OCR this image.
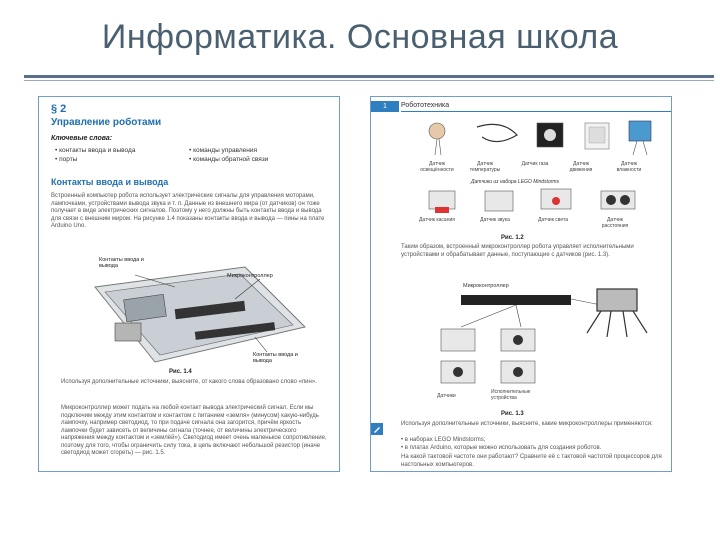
Информатика. Основная школа
§ 2
Управление роботами
Ключевые слова:
• контакты ввода и вывода
• порты
• команды управления
• команды обратной связи
Контакты ввода и вывода
Встроенный компьютер робота использует электрические сигналы для управления моторами, лампочками, устройствами вывода звука и т. п. Данные из внешнего мира (от датчиков) он тоже получает в виде электрических сигналов. Поэтому у него должны быть контакты ввода и вывода для связи с внешним миром. На рисунке 1.4 показаны контакты ввода и вывода — пины на плате Arduino Uno.
Контакты ввода и вывода
Микроконтроллер
Контакты ввода и вывода
Рис. 1.4
Используя дополнительные источники, выясните, от какого слова образовано слово «пин».
Микроконтроллер может подать на любой контакт вывода электрический сигнал. Если мы подключим между этим контактом и контактом с питанием «земля» (минусом) какую-нибудь лампочку, например светодиод, то при подаче сигнала она загорится, причём яркость лампочки будет зависеть от величины сигнала (точнее, от величины электрического напряжения между контактом и «землёй»). Светодиод имеет очень маленькое сопротивление, поэтому для того, чтобы ограничить силу тока, в цепь включают небольшой резистор (иначе светодиод может сгореть) — рис. 1.5.
1	Робототехника
Датчик освещённости
Датчик температуры
Датчик газа	Датчик движения
Датчик влажности
Датчики из набора LEGO Mindstorms
Датчик касания	Датчик звука	Датчик света	Датчик расстояния
Рис. 1.2
Таким образом, встроенный микроконтроллер робота управляет исполнительными устройствами и обрабатывает данные, поступающие с датчиков (рис. 1.3).
Микроконтроллер
Датчики
Исполнительные устройства
Рис. 1.3
Используя дополнительные источники, выясните, какие микроконтроллеры применяются:
• в наборах LEGO Mindstorms;
• в платах Arduino, которые можно использовать для создания роботов.
На какой тактовой частоте они работают? Сравните её с тактовой частотой процессоров для настольных компьютеров.
